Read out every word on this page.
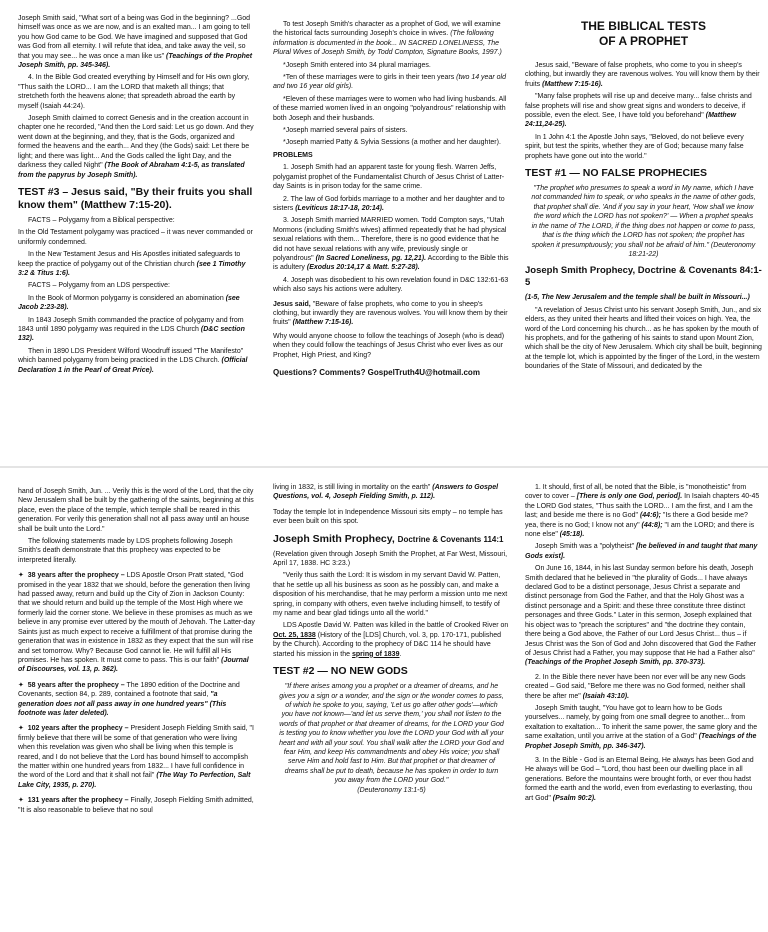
Joseph Smith said, "What sort of a being was God in the beginning? ...God himself was once as we are now, and is an exalted man... I am going to tell you how God came to be God. We have imagined and supposed that God was God from all eternity. I will refute that idea, and take away the veil, so that you may see... he was once a man like us" (Teachings of the Prophet Joseph Smith, pp. 345-346).

4. In the Bible God created everything by Himself and for His own glory, "Thus saith the LORD... I am the LORD that maketh all things; that stretcheth forth the heavens alone; that spreadeth abroad the earth by myself (Isaiah 44:24).

Joseph Smith claimed to correct Genesis and in the creation account in chapter one he recorded, "And then the Lord said: Let us go down. And they went down at the beginning, and they, that is the Gods, organized and formed the heavens and the earth... And they (the Gods) said: Let there be light; and there was light... And the Gods called the light Day, and the darkness they called Night" (The Book of Abraham 4:1-5, as translated from the papyrus by Joseph Smith).

TEST #3 – Jesus said, "By their fruits you shall know them" (Matthew 7:15-20).

FACTS – Polygamy from a Biblical perspective:

In the Old Testament polygamy was practiced – it was never commanded or uniformly condemned.

In the New Testament Jesus and His Apostles initiated safeguards to keep the practice of polygamy out of the Christian church (see 1 Timothy 3:2 & Titus 1:6).

FACTS – Polygamy from an LDS perspective:

In the Book of Mormon polygamy is considered an abomination (see Jacob 2:23-28).

In 1843 Joseph Smith commanded the practice of polygamy and from 1843 until 1890 polygamy was required in the LDS Church (D&C section 132).

Then in 1890 LDS President Wilford Woodruff issued "The Manifesto" which banned polygamy from being practiced in the LDS Church. (Official Declaration 1 in the Pearl of Great Price).

To test Joseph Smith's character as a prophet of God, we will examine the historical facts surrounding Joseph's choice in wives. (The following information is documented in the book... IN SACRED LONELINESS, The Plural Wives of Joseph Smith, by Todd Compton, Signature Books, 1997.)

*Joseph Smith entered into 34 plural marriages.

*Ten of these marriages were to girls in their teen years (two 14 year old and two 16 year old girls).

*Eleven of these marriages were to women who had living husbands. All of these married women lived in an ongoing "polyandrous" relationship with both Joseph and their husbands.

*Joseph married several pairs of sisters.

*Joseph married Patty & Sylvia Sessions (a mother and her daughter).

PROBLEMS

1. Joseph Smith had an apparent taste for young flesh. Warren Jeffs, polygamist prophet of the Fundamentalist Church of Jesus Christ of Latter-day Saints is in prison today for the same crime.

2. The law of God forbids marriage to a mother and her daughter and to sisters (Leviticus 18:17-18, 20:14).

3. Joseph Smith married MARRIED women. Todd Compton says, "Utah Mormons (including Smith's wives) affirmed repeatedly that he had physical sexual relations with them... Therefore, there is no good evidence that he did not have sexual relations with any wife, previously single or polyandrous" (In Sacred Loneliness, pg. 12,21). According to the Bible this is adultery (Exodus 20:14,17 & Matt. 5:27-28).

4. Joseph was disobedient to his own revelation found in D&C 132:61-63 which also says his actions were adultery.

Jesus said, "Beware of false prophets, who come to you in sheep's clothing, but inwardly they are ravenous wolves. You will know them by their fruits" (Matthew 7:15-16).

Why would anyone choose to follow the teachings of Joseph (who is dead) when they could follow the teachings of Jesus Christ who ever lives as our Prophet, High Priest, and King?

Questions? Comments? GospelTruth4U@hotmail.com

THE BIBLICAL TESTS
OF A PROPHET

Jesus said, "Beware of false prophets, who come to you in sheep's clothing, but inwardly they are ravenous wolves. You will know them by their fruits (Matthew 7:15-16).

"Many false prophets will rise up and deceive many... false christs and false prophets will rise and show great signs and wonders to deceive, if possible, even the elect. See, I have told you beforehand" (Matthew 24:11,24-25).

In 1 John 4:1 the Apostle John says, "Beloved, do not believe every spirit, but test the spirits, whether they are of God; because many false prophets have gone out into the world."

TEST #1 — NO FALSE PROPHECIES

"The prophet who presumes to speak a word in My name, which I have not commanded him to speak, or who speaks in the name of other gods, that prophet shall die. 'And if you say in your heart, 'How shall we know the word which the LORD has not spoken?' — When a prophet speaks in the name of The LORD, if the thing does not happen or come to pass, that is the thing which the LORD has not spoken; the prophet has spoken it presumptuously; you shall not be afraid of him." (Deuteronomy 18:21-22)

Joseph Smith Prophecy, Doctrine & Covenants 84:1-5

(1-5, The New Jerusalem and the temple shall be built in Missouri...)

"A revelation of Jesus Christ unto his servant Joseph Smith, Jun., and six elders, as they united their hearts and lifted their voices on high. Yea, the word of the Lord concerning his church... as he has spoken by the mouth of his prophets, and for the gathering of his saints to stand upon Mount Zion, which shall be the city of New Jerusalem. Which city shall be built, beginning at the temple lot, which is appointed by the finger of the Lord, in the western boundaries of the State of Missouri, and dedicated by the

hand of Joseph Smith, Jun. ... Verily this is the word of the Lord, that the city New Jerusalem shall be built by the gathering of the saints, beginning at this place, even the place of the temple, which temple shall be reared in this generation. For verily this generation shall not all pass away until an house shall be built unto the Lord."

The following statements made by LDS prophets following Joseph Smith's death demonstrate that this prophecy was expected to be interpreted literally.

✦  38 years after the prophecy – LDS Apostle Orson Pratt stated, "God promised in the year 1832 that we should, before the generation then living had passed away, return and build up the City of Zion in Jackson County: that we should return and build up the temple of the Most High where we formerly laid the corner stone. We believe in these promises as much as we believe in any promise ever uttered by the mouth of Jehovah. The Latter-day Saints just as much expect to receive a fulfillment of that promise during the generation that was in existence in 1832 as they expect that the sun will rise and set tomorrow. Why? Because God cannot lie. He will fulfill all His promises. He has spoken. It must come to pass. This is our faith" (Journal of Discourses, vol. 13, p. 362).

✦  58 years after the prophecy – The 1890 edition of the Doctrine and Covenants, section 84, p. 289, contained a footnote that said, "a generation does not all pass away in one hundred years" (This footnote was later deleted).

✦  102 years after the prophecy – President Joseph Fielding Smith said, "I firmly believe that there will be some of that generation who were living when this revelation was given who shall be living when this temple is reared, and I do not believe that the Lord has bound himself to accomplish the matter within one hundred years from 1832... I have full confidence in the word of the Lord and that it shall not fail" (The Way To Perfection, Salt Lake City, 1935, p. 270).

✦  131 years after the prophecy – Finally, Joseph Fielding Smith admitted, "It is also reasonable to believe that no soul

living in 1832, is still living in mortality on the earth" (Answers to Gospel Questions, vol. 4, Joseph Fielding Smith, p. 112).

Today the temple lot in Independence Missouri sits empty – no temple has ever been built on this spot.

Joseph Smith Prophecy, Doctrine & Covenants 114:1

(Revelation given through Joseph Smith the Prophet, at Far West, Missouri, April 17, 1838. HC 3:23.)

"Verily thus saith the Lord: It is wisdom in my servant David W. Patten, that he settle up all his business as soon as he possibly can, and make a disposition of his merchandise, that he may perform a mission unto me next spring, in company with others, even twelve including himself, to testify of my name and bear glad tidings unto all the world."

LDS Apostle David W. Patten was killed in the battle of Crooked River on Oct. 25, 1838 (History of the [LDS] Church, vol. 3, pp. 170-171, published by the Church). According to the prophecy of D&C 114 he should have started his mission in the spring of 1839.

TEST #2 — NO NEW GODS

"If there arises among you a prophet or a dreamer of dreams, and he gives you a sign or a wonder, and the sign or the wonder comes to pass, of which he spoke to you, saying, 'Let us go after other gods'—which you have not known—'and let us serve them,' you shall not listen to the words of that prophet or that dreamer of dreams, for the LORD your God is testing you to know whether you love the LORD your God with all your heart and with all your soul. You shall walk after the LORD your God and fear Him, and keep His commandments and obey His voice; you shall serve Him and hold fast to Him. But that prophet or that dreamer of dreams shall be put to death, because he has spoken in order to turn you away from the LORD your God."

(Deuteronomy 13:1-5)

1. It should, first of all, be noted that the Bible, is "monotheistic" from cover to cover – [There is only one God, period]. In Isaiah chapters 40-45 the LORD God states, "Thus saith the LORD... I am the first, and I am the last; and beside me there is no God" (44:6); "Is there a God beside me? yea, there is no God; I know not any" (44:8); "I am the LORD; and there is none else" (45:18).

Joseph Smith was a "polytheist" [he believed in and taught that many Gods exist].

On June 16, 1844, in his last Sunday sermon before his death, Joseph Smith declared that he believed in "the plurality of Gods... I have always declared God to be a distinct personage, Jesus Christ a separate and distinct personage from God the Father, and that the Holy Ghost was a distinct personage and a Spirit: and these three constitute three distinct personages and three Gods." Later in this sermon, Joseph explained that his object was to "preach the scriptures" and "the doctrine they contain, there being a God above, the Father of our Lord Jesus Christ... thus – if Jesus Christ was the Son of God and John discovered that God the Father of Jesus Christ had a Father, you may suppose that He had a Father also" (Teachings of the Prophet Joseph Smith, pp. 370-373).

2. In the Bible there never have been nor ever will be any new Gods created – God said, "Before me there was no God formed, neither shall there be after me" (Isaiah 43:10).

Joseph Smith taught, "You have got to learn how to be Gods yourselves... namely, by going from one small degree to another... from exaltation to exaltation... To inherit the same power, the same glory and the same exaltation, until you arrive at the station of a God" (Teachings of the Prophet Joseph Smith, pp. 346-347).

3. In the Bible - God is an Eternal Being, He always has been God and He always will be God – "Lord, thou hast been our dwelling place in all generations. Before the mountains were brought forth, or ever thou hadst formed the earth and the world, even from everlasting to everlasting, thou art God" (Psalm 90:2).
